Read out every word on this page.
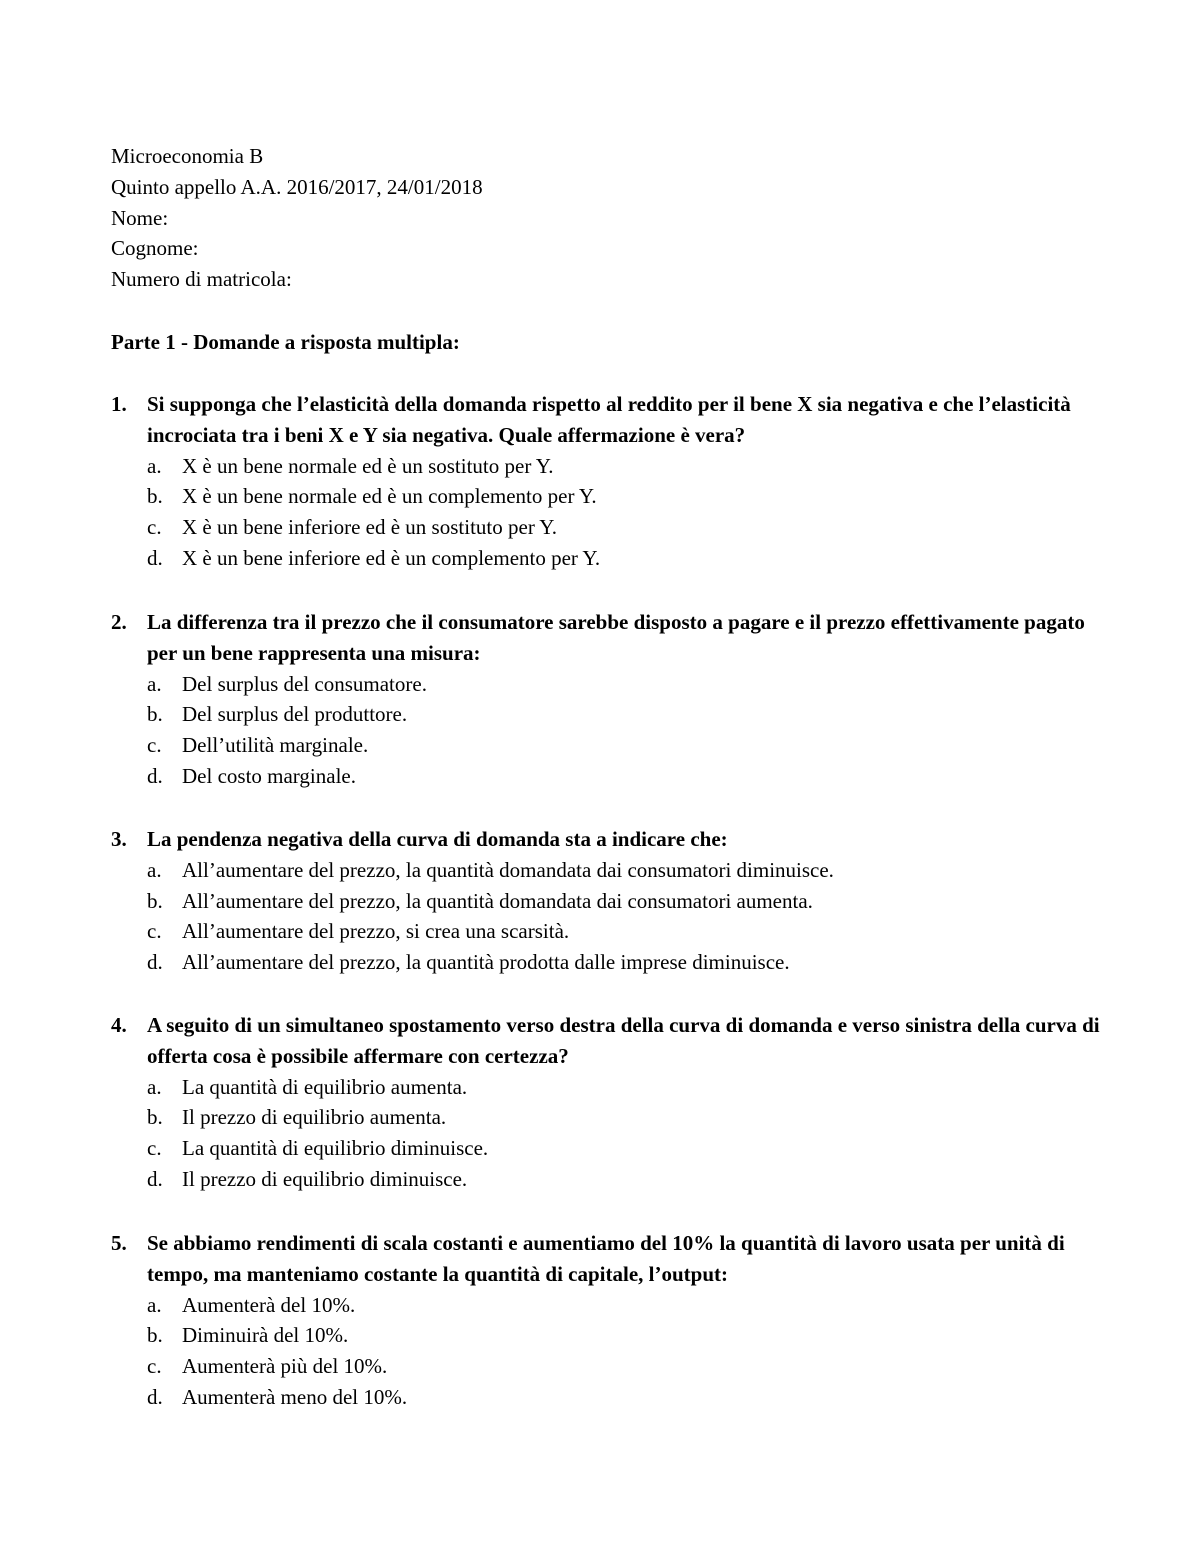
Microeconomia B
Quinto appello A.A. 2016/2017, 24/01/2018
Nome:
Cognome:
Numero di matricola:
Parte 1 - Domande a risposta multipla:
1. Si supponga che l’elasticità della domanda rispetto al reddito per il bene X sia negativa e che l’elasticità incrociata tra i beni X e Y sia negativa. Quale affermazione è vera?
a. X è un bene normale ed è un sostituto per Y.
b. X è un bene normale ed è un complemento per Y.
c. X è un bene inferiore ed è un sostituto per Y.
d. X è un bene inferiore ed è un complemento per Y.
2. La differenza tra il prezzo che il consumatore sarebbe disposto a pagare e il prezzo effettivamente pagato per un bene rappresenta una misura:
a. Del surplus del consumatore.
b. Del surplus del produttore.
c. Dell’utilità marginale.
d. Del costo marginale.
3. La pendenza negativa della curva di domanda sta a indicare che:
a. All’aumentare del prezzo, la quantità domandata dai consumatori diminuisce.
b. All’aumentare del prezzo, la quantità domandata dai consumatori aumenta.
c. All’aumentare del prezzo, si crea una scarsità.
d. All’aumentare del prezzo, la quantità prodotta dalle imprese diminuisce.
4. A seguito di un simultaneo spostamento verso destra della curva di domanda e verso sinistra della curva di offerta cosa è possibile affermare con certezza?
a. La quantità di equilibrio aumenta.
b. Il prezzo di equilibrio aumenta.
c. La quantità di equilibrio diminuisce.
d. Il prezzo di equilibrio diminuisce.
5. Se abbiamo rendimenti di scala costanti e aumentiamo del 10% la quantità di lavoro usata per unità di tempo, ma manteniamo costante la quantità di capitale, l’output:
a. Aumenterà del 10%.
b. Diminuirà del 10%.
c. Aumenterà più del 10%.
d. Aumenterà meno del 10%.
